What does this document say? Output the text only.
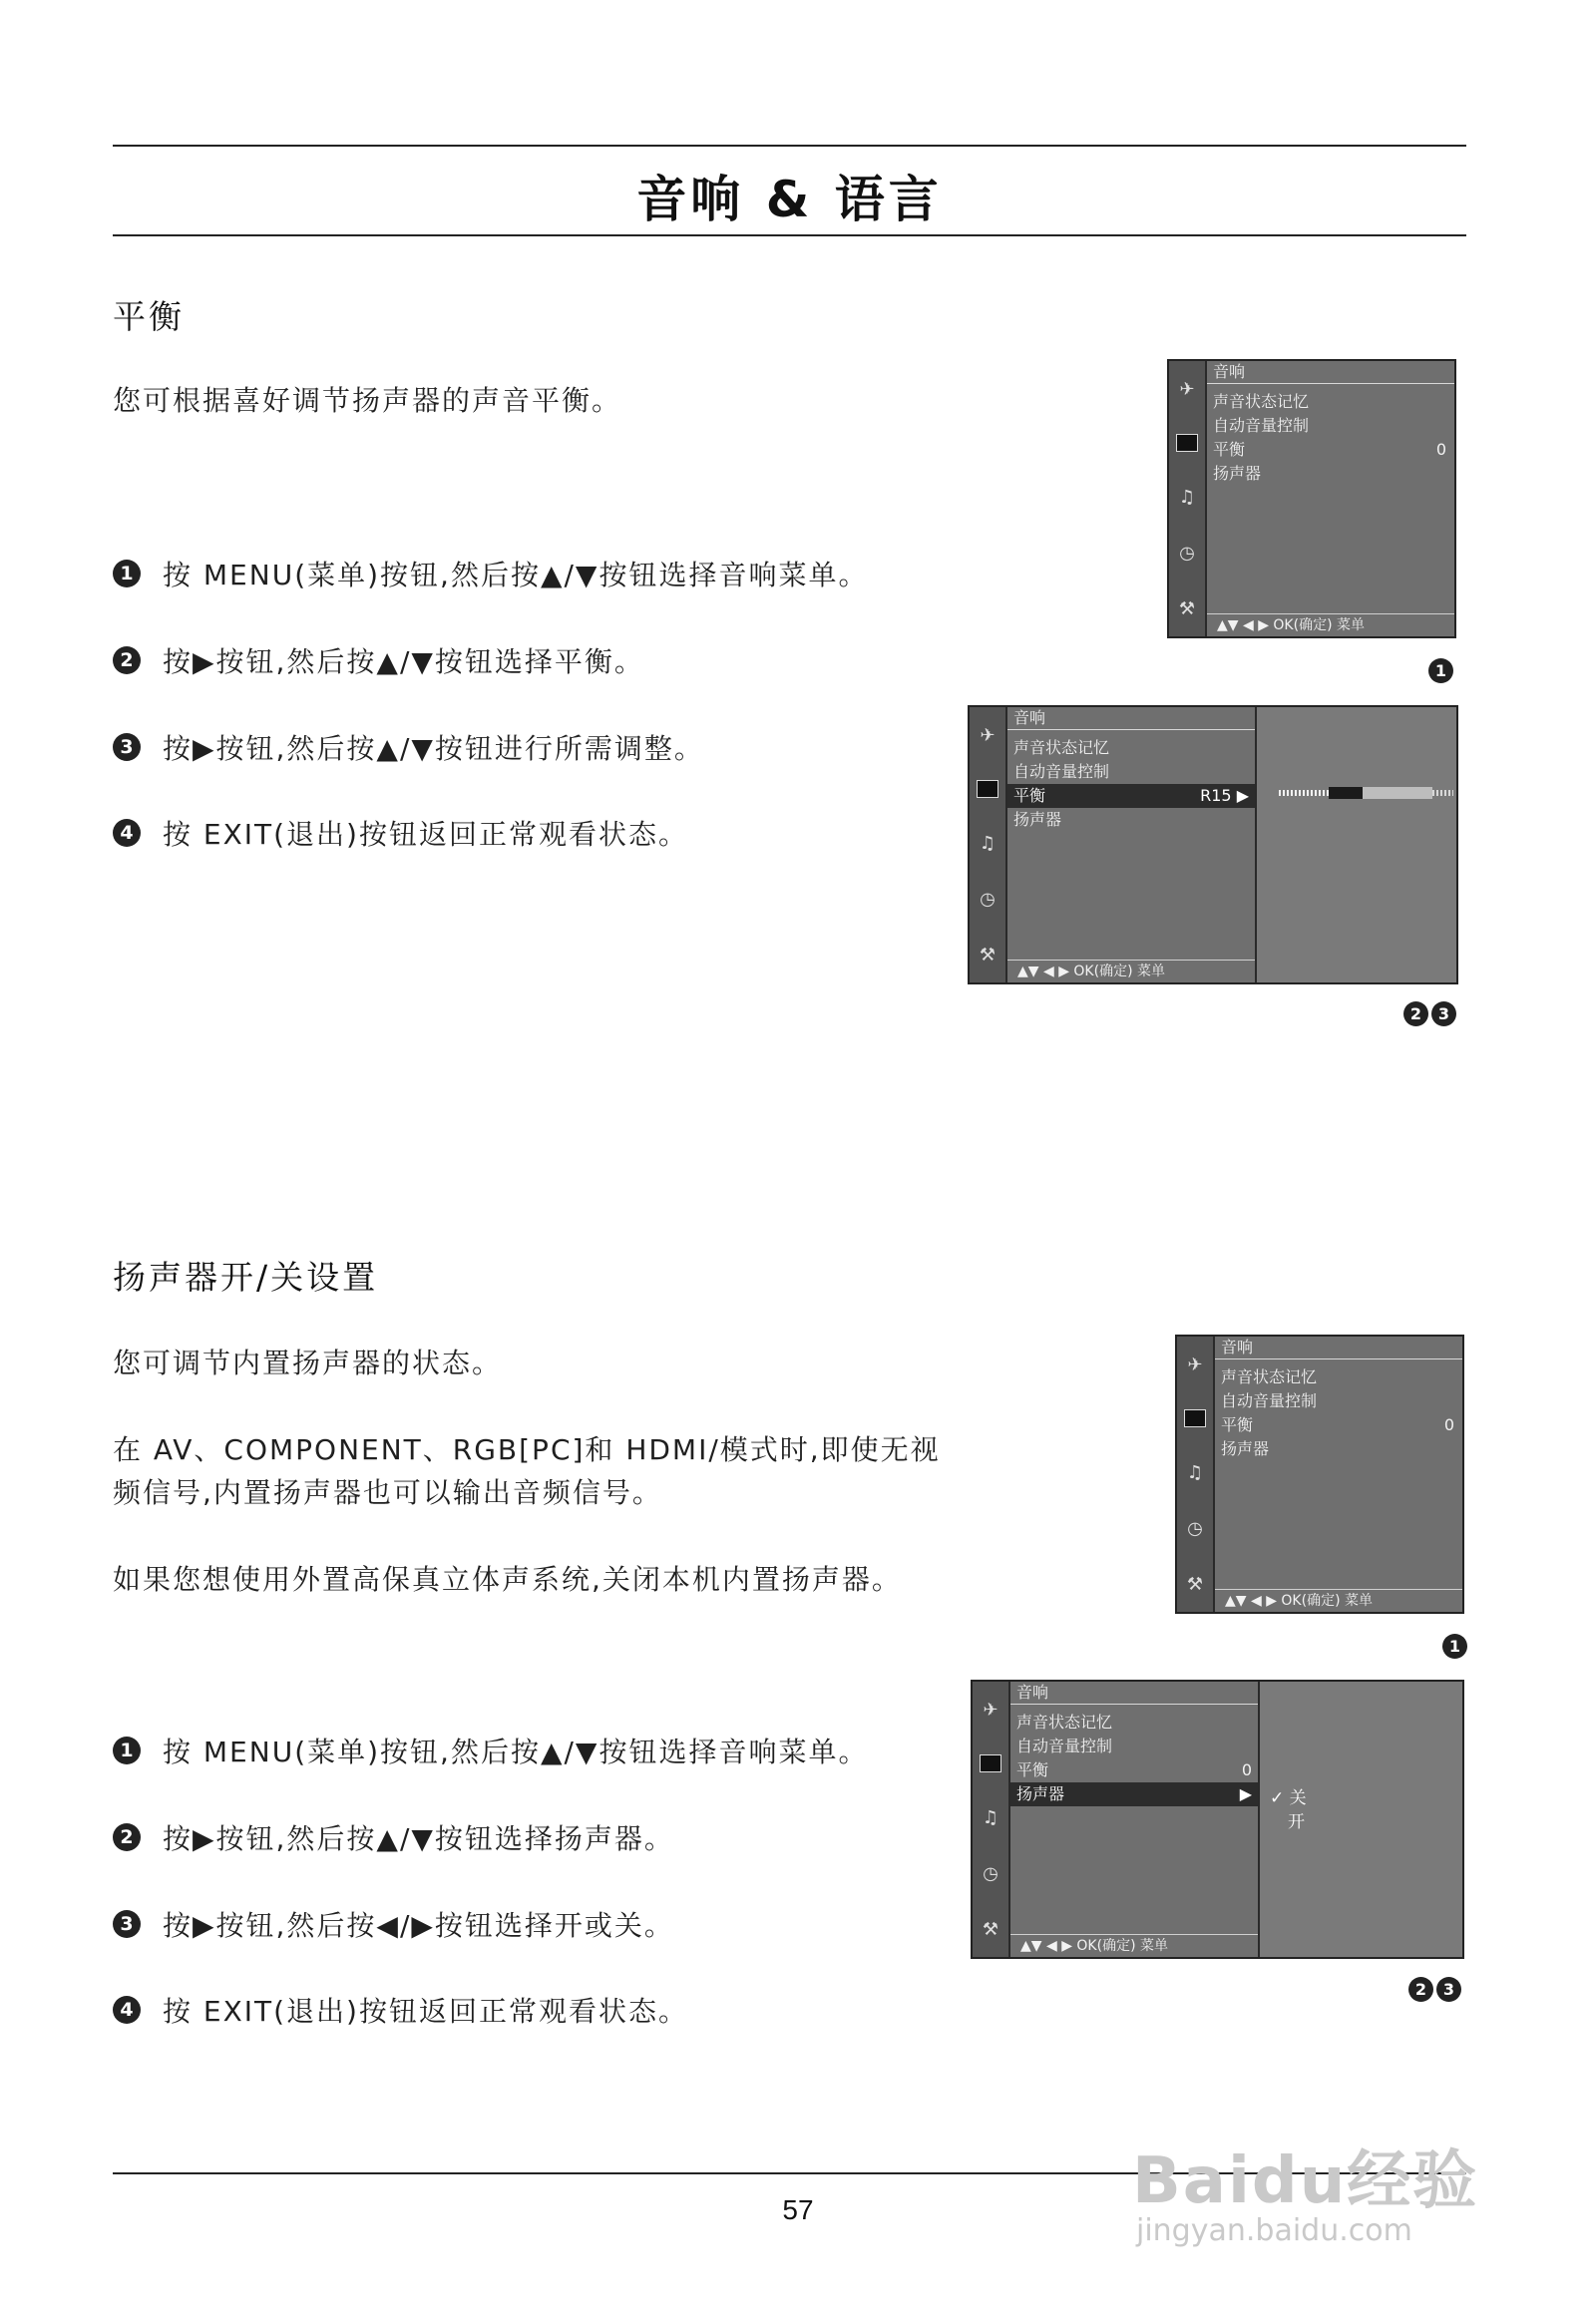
音响 & 语言
平衡
您可根据喜好调节扬声器的声音平衡。
1 按 MENU(菜单)按钮,然后按▲/▼按钮选择音响菜单。
2 按▶按钮,然后按▲/▼按钮选择平衡。
3 按▶按钮,然后按▲/▼按钮进行所需调整。
4 按 EXIT(退出)按钮返回正常观看状态。
✈
♫
◷
⚒
音响
声音状态记忆
自动音量控制
平衡	0
扬声器
▲▼ ◀ ▶ OK(确定) 菜单
1
✈
♫
◷
⚒
音响
声音状态记忆
自动音量控制
平衡	R15 ▶
扬声器
▲▼ ◀ ▶ OK(确定) 菜单
2	3
扬声器开/关设置
您可调节内置扬声器的状态。
在 AV、COMPONENT、RGB[PC]和 HDMI/模式时,即使无视
频信号,内置扬声器也可以输出音频信号。
如果您想使用外置高保真立体声系统,关闭本机内置扬声器。
1 按 MENU(菜单)按钮,然后按▲/▼按钮选择音响菜单。
2 按▶按钮,然后按▲/▼按钮选择扬声器。
3 按▶按钮,然后按◀/▶按钮选择开或关。
4 按 EXIT(退出)按钮返回正常观看状态。
✈
♫
◷
⚒
音响
声音状态记忆
自动音量控制
平衡	0
扬声器
▲▼ ◀ ▶ OK(确定) 菜单
1
✈
♫
◷
⚒
音响
声音状态记忆
自动音量控制
平衡	0
扬声器	▶
▲▼ ◀ ▶ OK(确定) 菜单
✓ 关
开
2	3
57	Baidu经验
jingyan.baidu.com
